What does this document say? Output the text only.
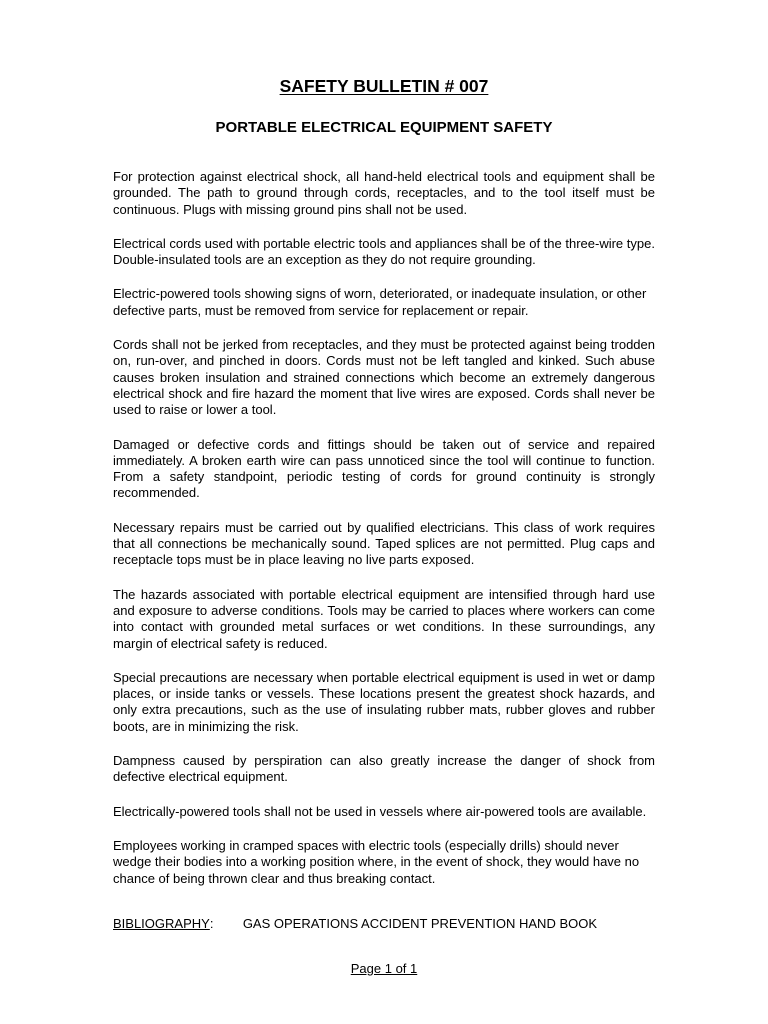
SAFETY BULLETIN # 007
PORTABLE ELECTRICAL EQUIPMENT SAFETY

For protection against electrical shock, all hand-held electrical tools and equipment shall be grounded. The path to ground through cords, receptacles, and to the tool itself must be continuous. Plugs with missing ground pins shall not be used.

Electrical cords used with portable electric tools and appliances shall be of the three-wire type. Double-insulated tools are an exception as they do not require grounding.

Electric-powered tools showing signs of worn, deteriorated, or inadequate insulation, or other defective parts, must be removed from service for replacement or repair.

Cords shall not be jerked from receptacles, and they must be protected against being trodden on, run-over, and pinched in doors. Cords must not be left tangled and kinked. Such abuse causes broken insulation and strained connections which become an extremely dangerous electrical shock and fire hazard the moment that live wires are exposed. Cords shall never be used to raise or lower a tool.

Damaged or defective cords and fittings should be taken out of service and repaired immediately. A broken earth wire can pass unnoticed since the tool will continue to function. From a safety standpoint, periodic testing of cords for ground continuity is strongly recommended.

Necessary repairs must be carried out by qualified electricians. This class of work requires that all connections be mechanically sound. Taped splices are not permitted. Plug caps and receptacle tops must be in place leaving no live parts exposed.

The hazards associated with portable electrical equipment are intensified through hard use and exposure to adverse conditions. Tools may be carried to places where workers can come into contact with grounded metal surfaces or wet conditions. In these surroundings, any margin of electrical safety is reduced.

Special precautions are necessary when portable electrical equipment is used in wet or damp places, or inside tanks or vessels. These locations present the greatest shock hazards, and only extra precautions, such as the use of insulating rubber mats, rubber gloves and rubber boots, are in minimizing the risk.

Dampness caused by perspiration can also greatly increase the danger of shock from defective electrical equipment.

Electrically-powered tools shall not be used in vessels where air-powered tools are available.

Employees working in cramped spaces with electric tools (especially drills) should never wedge their bodies into a working position where, in the event of shock, they would have no chance of being thrown clear and thus breaking contact.

BIBLIOGRAPHY: GAS OPERATIONS ACCIDENT PREVENTION HAND BOOK
Page 1 of 1
